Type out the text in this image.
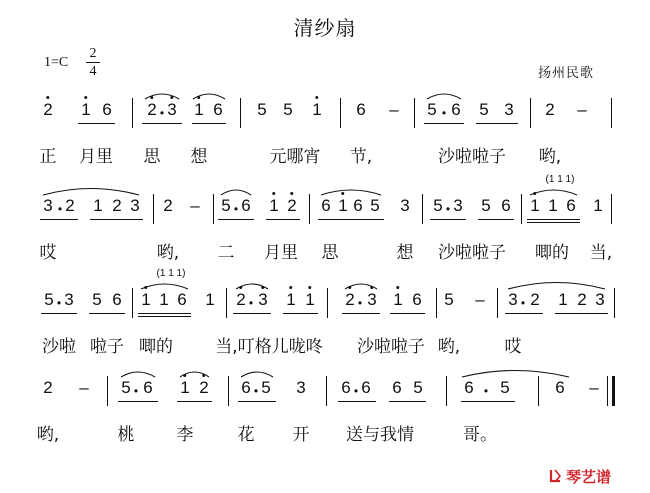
清纱扇
1=C
2
4	扬州民歌
2 1 6 2 • 3 1 6 5 5 1 6 – 5 • 6 5 3 2 –
正 月里 思 想	元哪宵 节,	沙啦啦子 哟,
3 • 2 1 2 3 2 – 5 • 6 1 2 6 1 6 5 3 5 • 3 5 6 1 1 6 1
(1 1 1)
哎	哟, 二 月里 思	想 沙啦啦子 唧的 当,
5 • 3 5 6 1 1 6 1 2 • 3 1 1 2 • 3 1 6 5 – 3 • 2 1 2 3
(1 1 1)
沙啦 啦子 唧的 当,叮格儿咙咚 沙啦啦子 哟,	哎
2 – 5 • 6 1 2 6 • 5 3 6 • 6 6 5 6 • 5	6 –
哟,	桃 李	花 开 送与我情	哥。
琴艺谱
